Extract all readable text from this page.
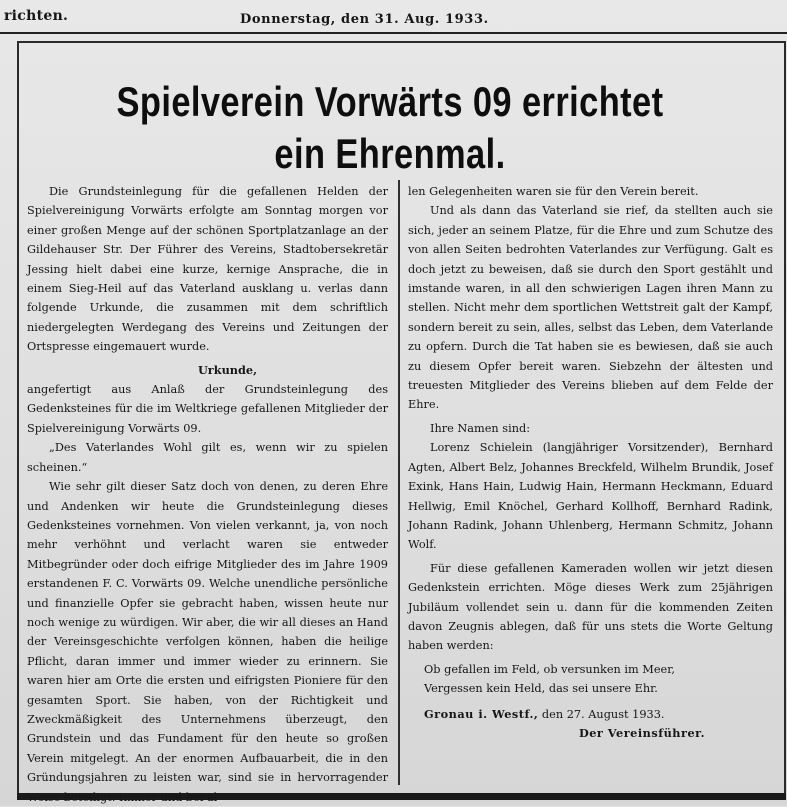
richten.	Donnerstag, den 31. Aug. 1933.
Spielverein Vorwärts 09 errichtet ein Ehrenmal.

Die Grundsteinlegung für die gefallenen Helden der Spielvereinigung Vorwärts erfolgte am Sonntag morgen vor einer großen Menge auf der schönen Sportplatzanlage an der Gildehauser Str. Der Führer des Vereins, Stadtobersekretär Jessing hielt dabei eine kurze, kernige Ansprache, die in einem Sieg-Heil auf das Vaterland ausklang u. verlas dann folgende Urkunde, die zusammen mit dem schriftlich niedergelegten Werdegang des Vereins und Zeitungen der Ortspresse eingemauert wurde.

Urkunde,

angefertigt aus Anlaß der Grundsteinlegung des Gedenksteines für die im Weltkriege gefallenen Mitglieder der Spielvereinigung Vorwärts 09.

„Des Vaterlandes Wohl gilt es, wenn wir zu spielen scheinen.“

Wie sehr gilt dieser Satz doch von denen, zu deren Ehre und Andenken wir heute die Grundsteinlegung dieses Gedenksteines vornehmen. Von vielen verkannt, ja, von noch mehr verhöhnt und verlacht waren sie entweder Mitbegründer oder doch eifrige Mitglieder des im Jahre 1909 erstandenen F. C. Vorwärts 09. Welche unendliche persönliche und finanzielle Opfer sie gebracht haben, wissen heute nur noch wenige zu würdigen. Wir aber, die wir all dieses an Hand der Vereinsgeschichte verfolgen können, haben die heilige Pflicht, daran immer und immer wieder zu erinnern. Sie waren hier am Orte die ersten und eifrigsten Pioniere für den gesamten Sport. Sie haben, von der Richtigkeit und Zweckmäßigkeit des Unternehmens überzeugt, den Grundstein und das Fundament für den heute so großen Verein mitgelegt. An der enormen Aufbauarbeit, die in den Gründungsjahren zu leisten war, sind sie in hervorragender Weise beteiligt. Immer und bei al-

len Gelegenheiten waren sie für den Verein bereit.

Und als dann das Vaterland sie rief, da stellten auch sie sich, jeder an seinem Platze, für die Ehre und zum Schutze des von allen Seiten bedrohten Vaterlandes zur Verfügung. Galt es doch jetzt zu beweisen, daß sie durch den Sport gestählt und imstande waren, in all den schwierigen Lagen ihren Mann zu stellen. Nicht mehr dem sportlichen Wettstreit galt der Kampf, sondern bereit zu sein, alles, selbst das Leben, dem Vaterlande zu opfern. Durch die Tat haben sie es bewiesen, daß sie auch zu diesem Opfer bereit waren. Siebzehn der ältesten und treuesten Mitglieder des Vereins blieben auf dem Felde der Ehre.

Ihre Namen sind:

Lorenz Schielein (langjähriger Vorsitzender), Bernhard Agten, Albert Belz, Johannes Breckfeld, Wilhelm Brundik, Josef Exink, Hans Hain, Ludwig Hain, Hermann Heckmann, Eduard Hellwig, Emil Knöchel, Gerhard Kollhoff, Bernhard Radink, Johann Radink, Johann Uhlenberg, Hermann Schmitz, Johann Wolf.

Für diese gefallenen Kameraden wollen wir jetzt diesen Gedenkstein errichten. Möge dieses Werk zum 25jährigen Jubiläum vollendet sein u. dann für die kommenden Zeiten davon Zeugnis ablegen, daß für uns stets die Worte Geltung haben werden:

Ob gefallen im Feld, ob versunken im Meer,

Vergessen kein Held, das sei unsere Ehr.

Gronau i. Westf., den 27. August 1933.

Der Vereinsführer.
